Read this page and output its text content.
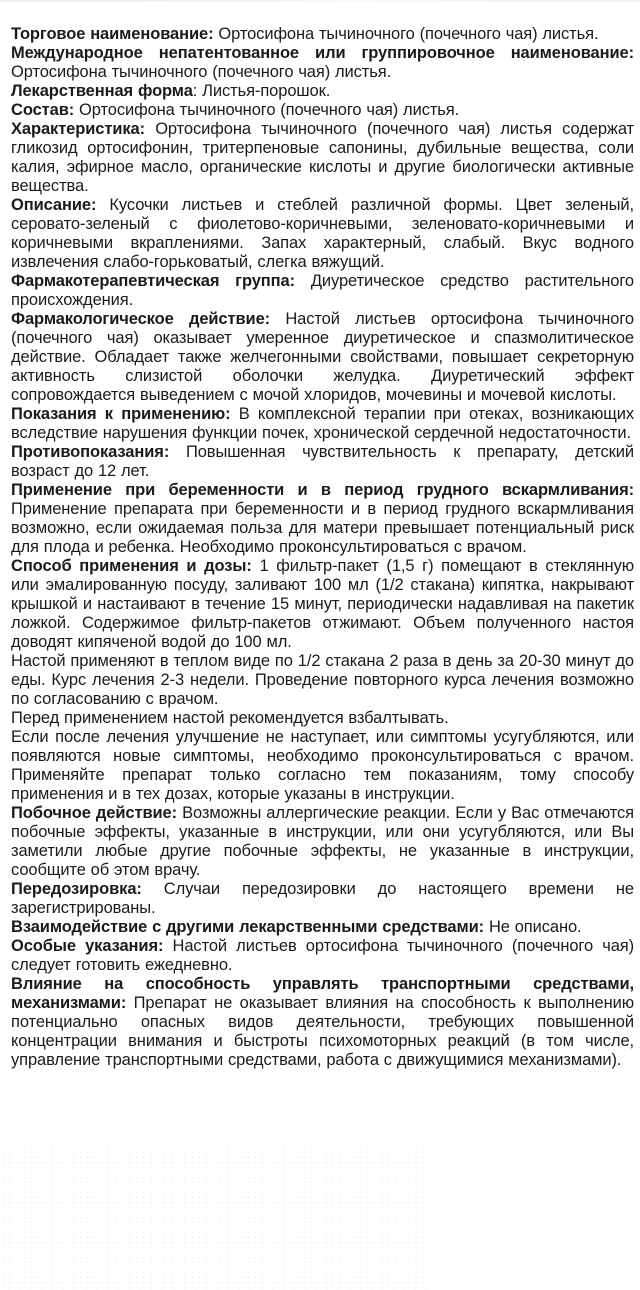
Торговое наименование: Ортосифона тычиночного (почечного чая) листья.

Международное непатентованное или группировочное наименование: Ортосифона тычиночного (почечного чая) листья.

Лекарственная форма: Листья-порошок.

Состав: Ортосифона тычиночного (почечного чая) листья.

Характеристика: Ортосифона тычиночного (почечного чая) листья содержат гликозид ортосифонин, тритерпеновые сапонины, дубильные вещества, соли калия, эфирное масло, органические кислоты и другие биологически активные вещества.

Описание: Кусочки листьев и стеблей различной формы. Цвет зеленый, серовато-зеленый с фиолетово-коричневыми, зеленовато-коричневыми и коричневыми вкраплениями. Запах характерный, слабый. Вкус водного извлечения слабо-горьковатый, слегка вяжущий.

Фармакотерапевтическая группа: Диуретическое средство растительного происхождения.

Фармакологическое действие: Настой листьев ортосифона тычиночного (почечного чая) оказывает умеренное диуретическое и спазмолитическое действие. Обладает также желчегонными свойствами, повышает секреторную активность слизистой оболочки желудка. Диуретический эффект сопровождается выведением с мочой хлоридов, мочевины и мочевой кислоты.

Показания к применению: В комплексной терапии при отеках, возникающих вследствие нарушения функции почек, хронической сердечной недостаточности.

Противопоказания: Повышенная чувствительность к препарату, детский возраст до 12 лет.

Применение при беременности и в период грудного вскармливания: Применение препарата при беременности и в период грудного вскармливания возможно, если ожидаемая польза для матери превышает потенциальный риск для плода и ребенка. Необходимо проконсультироваться с врачом.

Способ применения и дозы: 1 фильтр-пакет (1,5 г) помещают в стеклянную или эмалированную посуду, заливают 100 мл (1/2 стакана) кипятка, накрывают крышкой и настаивают в течение 15 минут, периодически надавливая на пакетик ложкой. Содержимое фильтр-пакетов отжимают. Объем полученного настоя доводят кипяченой водой до 100 мл.

Настой применяют в теплом виде по 1/2 стакана 2 раза в день за 20-30 минут до еды. Курс лечения 2-3 недели. Проведение повторного курса лечения возможно по согласованию с врачом.

Перед применением настой рекомендуется взбалтывать.

Если после лечения улучшение не наступает, или симптомы усугубляются, или появляются новые симптомы, необходимо проконсультироваться с врачом. Применяйте препарат только согласно тем показаниям, тому способу применения и в тех дозах, которые указаны в инструкции.

Побочное действие: Возможны аллергические реакции. Если у Вас отмечаются побочные эффекты, указанные в инструкции, или они усугубляются, или Вы заметили любые другие побочные эффекты, не указанные в инструкции, сообщите об этом врачу.

Передозировка: Случаи передозировки до настоящего времени не зарегистрированы.

Взаимодействие с другими лекарственными средствами: Не описано.

Особые указания: Настой листьев ортосифона тычиночного (почечного чая) следует готовить ежедневно.

Влияние на способность управлять транспортными средствами, механизмами: Препарат не оказывает влияния на способность к выполнению потенциально опасных видов деятельности, требующих повышенной концентрации внимания и быстроты психомоторных реакций (в том числе, управление транспортными средствами, работа с движущимися механизмами).
